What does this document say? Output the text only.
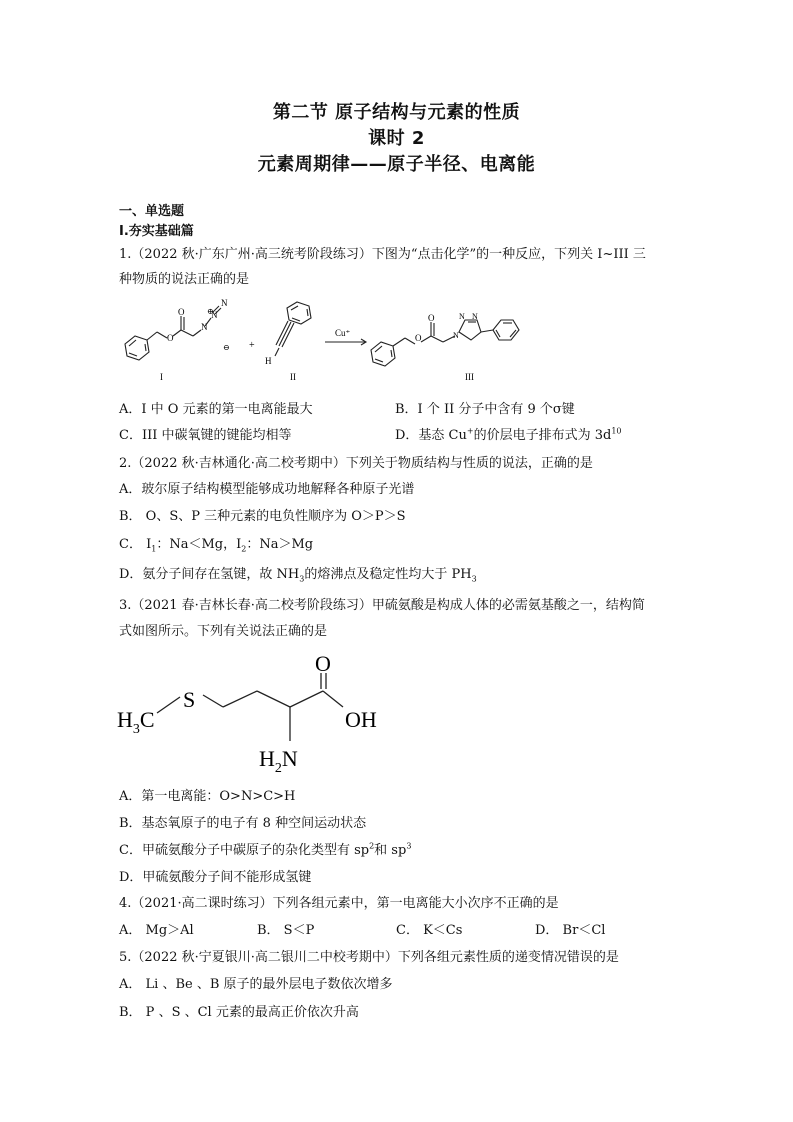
第二节 原子结构与元素的性质
课时 2
元素周期律——原子半径、电离能
一、单选题
Ⅰ.夯实基础篇
1.（2022 秋·广东广州·高三统考阶段练习）下图为“点击化学”的一种反应，下列关 I~III 三
种物质的说法正确的是
O
O
N
N
N
⊕
⊖ +
H
Cu⁺	O
O
N
N N
I	II	III
A．I 中 O 元素的第一电离能最大	B．I 个 II 分子中含有 9 个σ键
C．III 中碳氧键的键能均相等	D．基态 Cu+的价层电子排布式为 $3d^{10}$
2.（2022 秋·吉林通化·高二校考期中）下列关于物质结构与性质的说法，正确的是
A．玻尔原子结构模型能够成功地解释各种原子光谱
B． O、S、P 三种元素的电负性顺序为 O＞P＞S
C． $I_1$：Na＜Mg，$I_2$：Na＞Mg
D．氨分子间存在氢键，故 $NH_3$的熔沸点及稳定性均大于 $PH_3$
3.（2021 春·吉林长春·高二校考阶段练习）甲硫氨酸是构成人体的必需氨基酸之一，结构简
式如图所示。下列有关说法正确的是
$H_3C$
S
O
OH
$H_2N$
A．第一电离能：O>N>C>H
B．基态氧原子的电子有 8 种空间运动状态
C．甲硫氨酸分子中碳原子的杂化类型有 $sp^2$和 $sp^3$
D．甲硫氨酸分子间不能形成氢键
4.（2021·高二课时练习）下列各组元素中，第一电离能大小次序不正确的是
A． Mg＞Al	B． S＜P	C． K＜Cs	D． Br＜Cl
5.（2022 秋·宁夏银川·高二银川二中校考期中）下列各组元素性质的递变情况错误的是
A． Li 、Be 、B 原子的最外层电子数依次增多
B． P 、S 、Cl 元素的最高正价依次升高
